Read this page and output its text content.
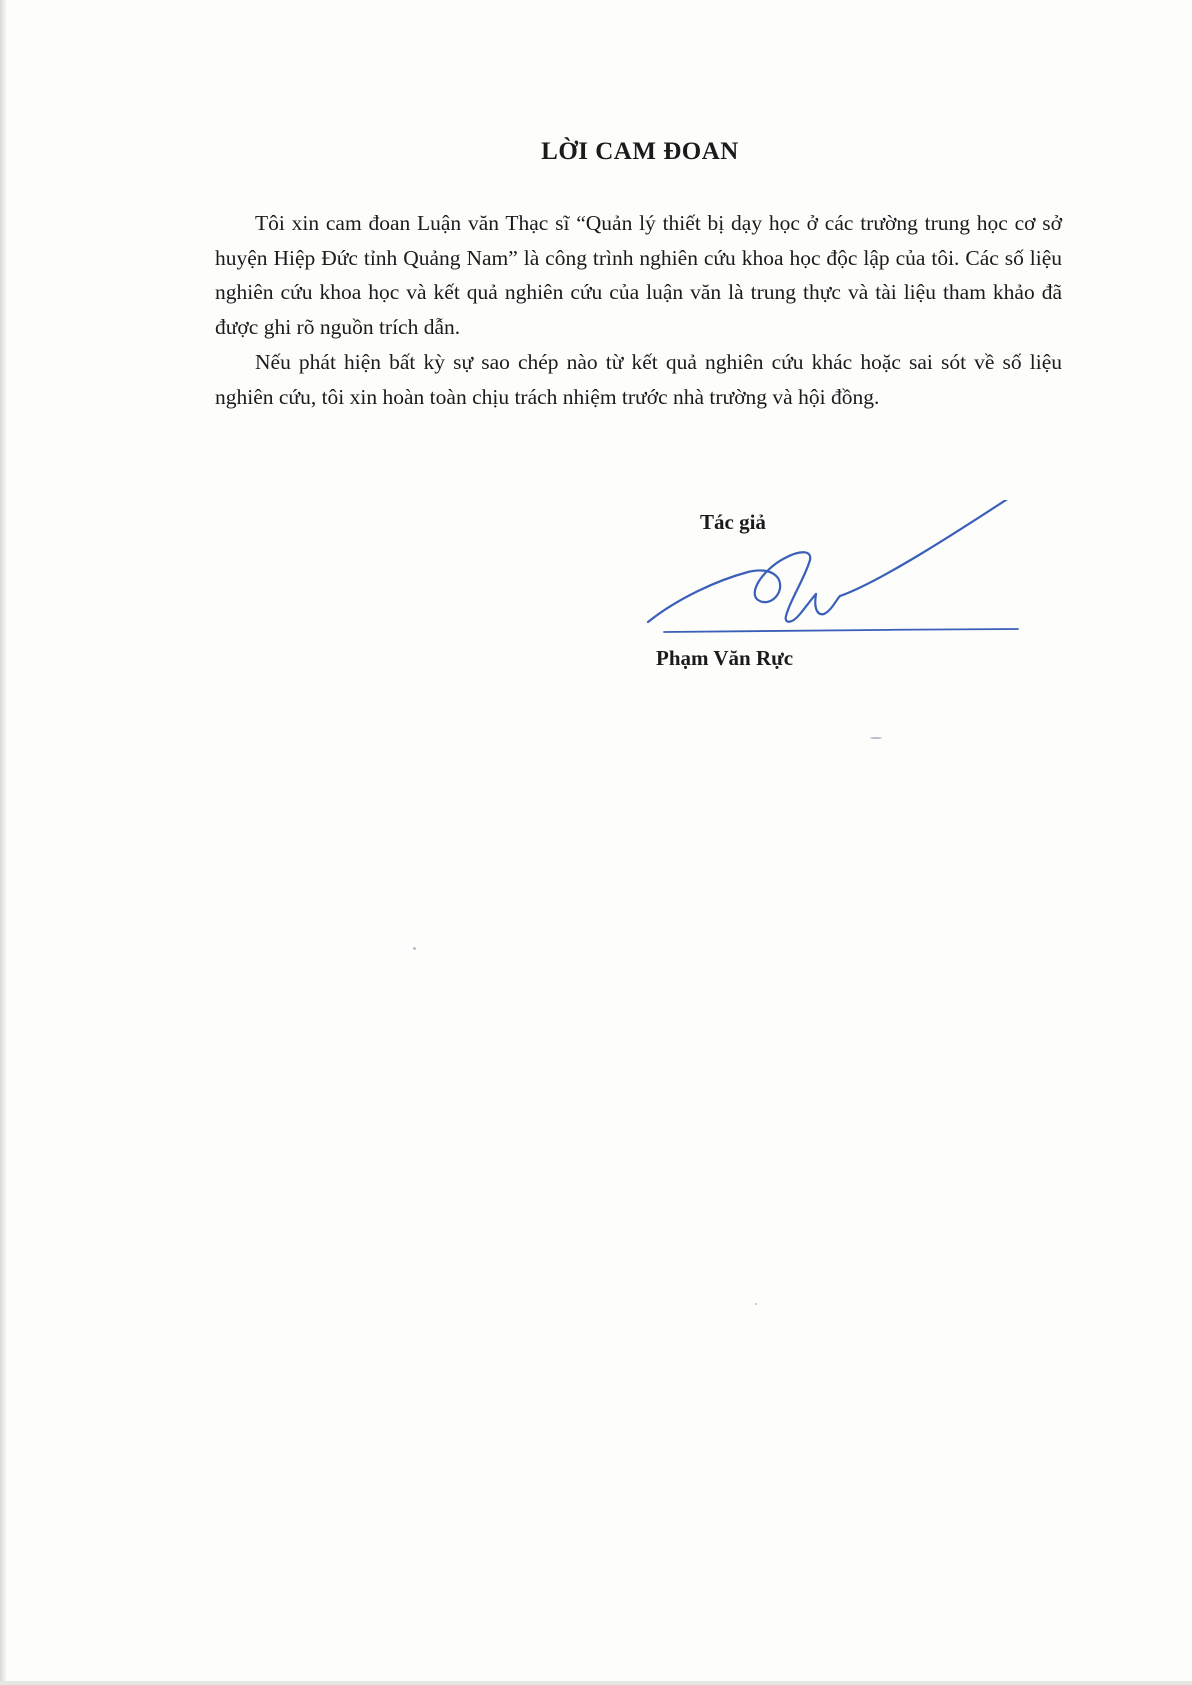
LỜI CAM ĐOAN

Tôi xin cam đoan Luận văn Thạc sĩ “Quản lý thiết bị dạy học ở các trường trung học cơ sở huyện Hiệp Đức tỉnh Quảng Nam” là công trình nghiên cứu khoa học độc lập của tôi. Các số liệu nghiên cứu khoa học và kết quả nghiên cứu của luận văn là trung thực và tài liệu tham khảo đã được ghi rõ nguồn trích dẫn.

Nếu phát hiện bất kỳ sự sao chép nào từ kết quả nghiên cứu khác hoặc sai sót về số liệu nghiên cứu, tôi xin hoàn toàn chịu trách nhiệm trước nhà trường và hội đồng.

Tác giả

Phạm Văn Rực
